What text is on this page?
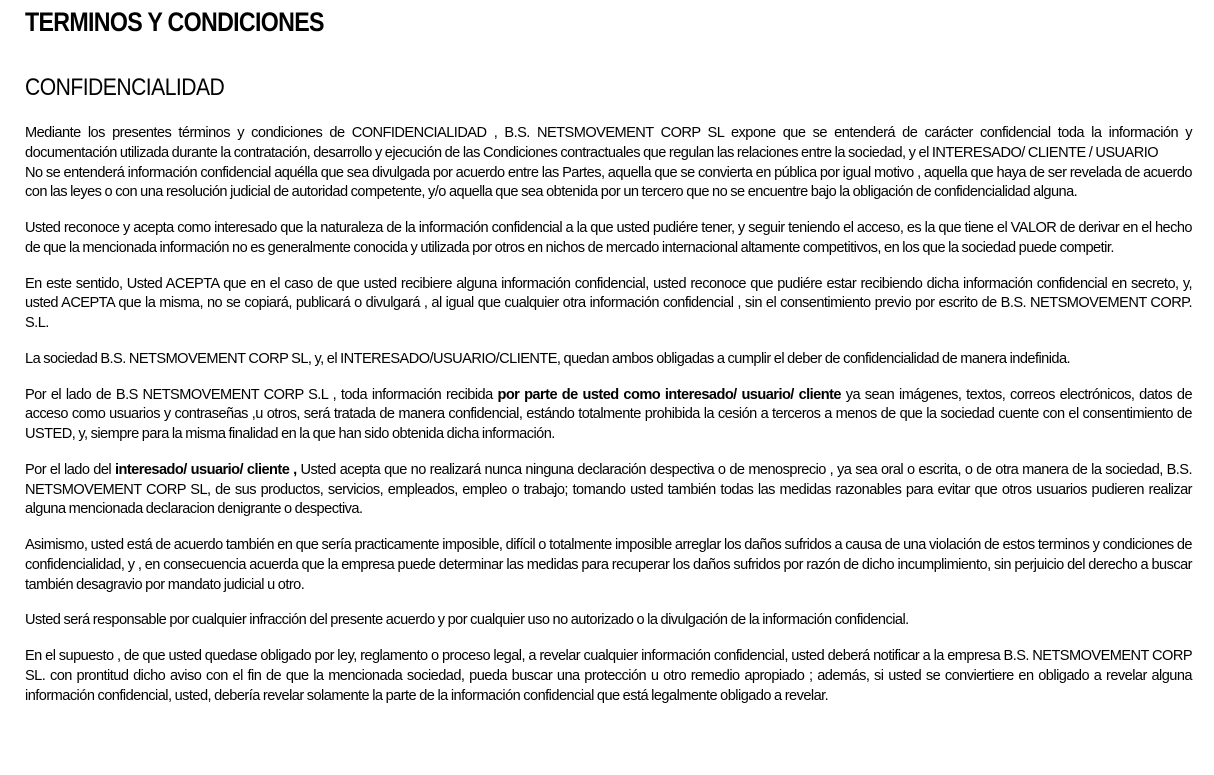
TERMINOS Y CONDICIONES
CONFIDENCIALIDAD

Mediante los presentes términos y condiciones de CONFIDENCIALIDAD , B.S. NETSMOVEMENT CORP SL expone que se entenderá de carácter confidencial toda la información y documentación utilizada durante la contratación, desarrollo y ejecución de las Condiciones contractuales que regulan las relaciones entre la sociedad, y el INTERESADO/ CLIENTE / USUARIO

No se entenderá información confidencial aquélla que sea divulgada por acuerdo entre las Partes, aquella que se convierta en pública por igual motivo , aquella que haya de ser revelada de acuerdo con las leyes o con una resolución judicial de autoridad competente, y/o aquella que sea obtenida por un tercero que no se encuentre bajo la obligación de confidencialidad alguna.

Usted reconoce y acepta como interesado que la naturaleza de la información confidencial a la que usted pudiére tener, y seguir teniendo el acceso, es la que tiene el VALOR de derivar en el hecho de que la mencionada información no es generalmente conocida y utilizada por otros en nichos de mercado internacional altamente competitivos, en los que la sociedad puede competir.

En este sentido, Usted ACEPTA que en el caso de que usted recibiere alguna información confidencial, usted reconoce que pudiére estar recibiendo dicha información confidencial en secreto, y, usted ACEPTA que la misma, no se copiará, publicará o divulgará , al igual que cualquier otra información confidencial , sin el consentimiento previo por escrito de B.S. NETSMOVEMENT CORP. S.L.

La sociedad B.S. NETSMOVEMENT CORP SL, y, el INTERESADO/USUARIO/CLIENTE, quedan ambos obligadas a cumplir el deber de confidencialidad de manera indefinida.

Por el lado de B.S NETSMOVEMENT CORP S.L , toda información recibida por parte de usted como interesado/ usuario/ cliente ya sean imágenes, textos, correos electrónicos, datos de acceso como usuarios y contraseñas ,u otros, será tratada de manera confidencial, estándo totalmente prohibida la cesión a terceros a menos de que la sociedad cuente con el consentimiento de USTED, y, siempre para la misma finalidad en la que han sido obtenida dicha información.

Por el lado del interesado/ usuario/ cliente , Usted acepta que no realizará nunca ninguna declaración despectiva o de menosprecio , ya sea oral o escrita, o de otra manera de la sociedad, B.S. NETSMOVEMENT CORP SL, de sus productos, servicios, empleados, empleo o trabajo; tomando usted también todas las medidas razonables para evitar que otros usuarios pudieren realizar alguna mencionada declaracion denigrante o despectiva.

Asimismo, usted está de acuerdo también en que sería practicamente imposible, difícil o totalmente imposible arreglar los daños sufridos a causa de una violación de estos terminos y condiciones de confidencialidad, y , en consecuencia acuerda que la empresa puede determinar las medidas para recuperar los daños sufridos por razón de dicho incumplimiento, sin perjuicio del derecho a buscar también desagravio por mandato judicial u otro.

Usted será responsable por cualquier infracción del presente acuerdo y por cualquier uso no autorizado o la divulgación de la información confidencial.

En el supuesto , de que usted quedase obligado por ley, reglamento o proceso legal, a revelar cualquier información confidencial, usted deberá notificar a la empresa B.S. NETSMOVEMENT CORP SL. con prontitud dicho aviso con el fin de que la mencionada sociedad, pueda buscar una protección u otro remedio apropiado ; además, si usted se conviertiere en obligado a revelar alguna información confidencial, usted, debería revelar solamente la parte de la información confidencial que está legalmente obligado a revelar.
